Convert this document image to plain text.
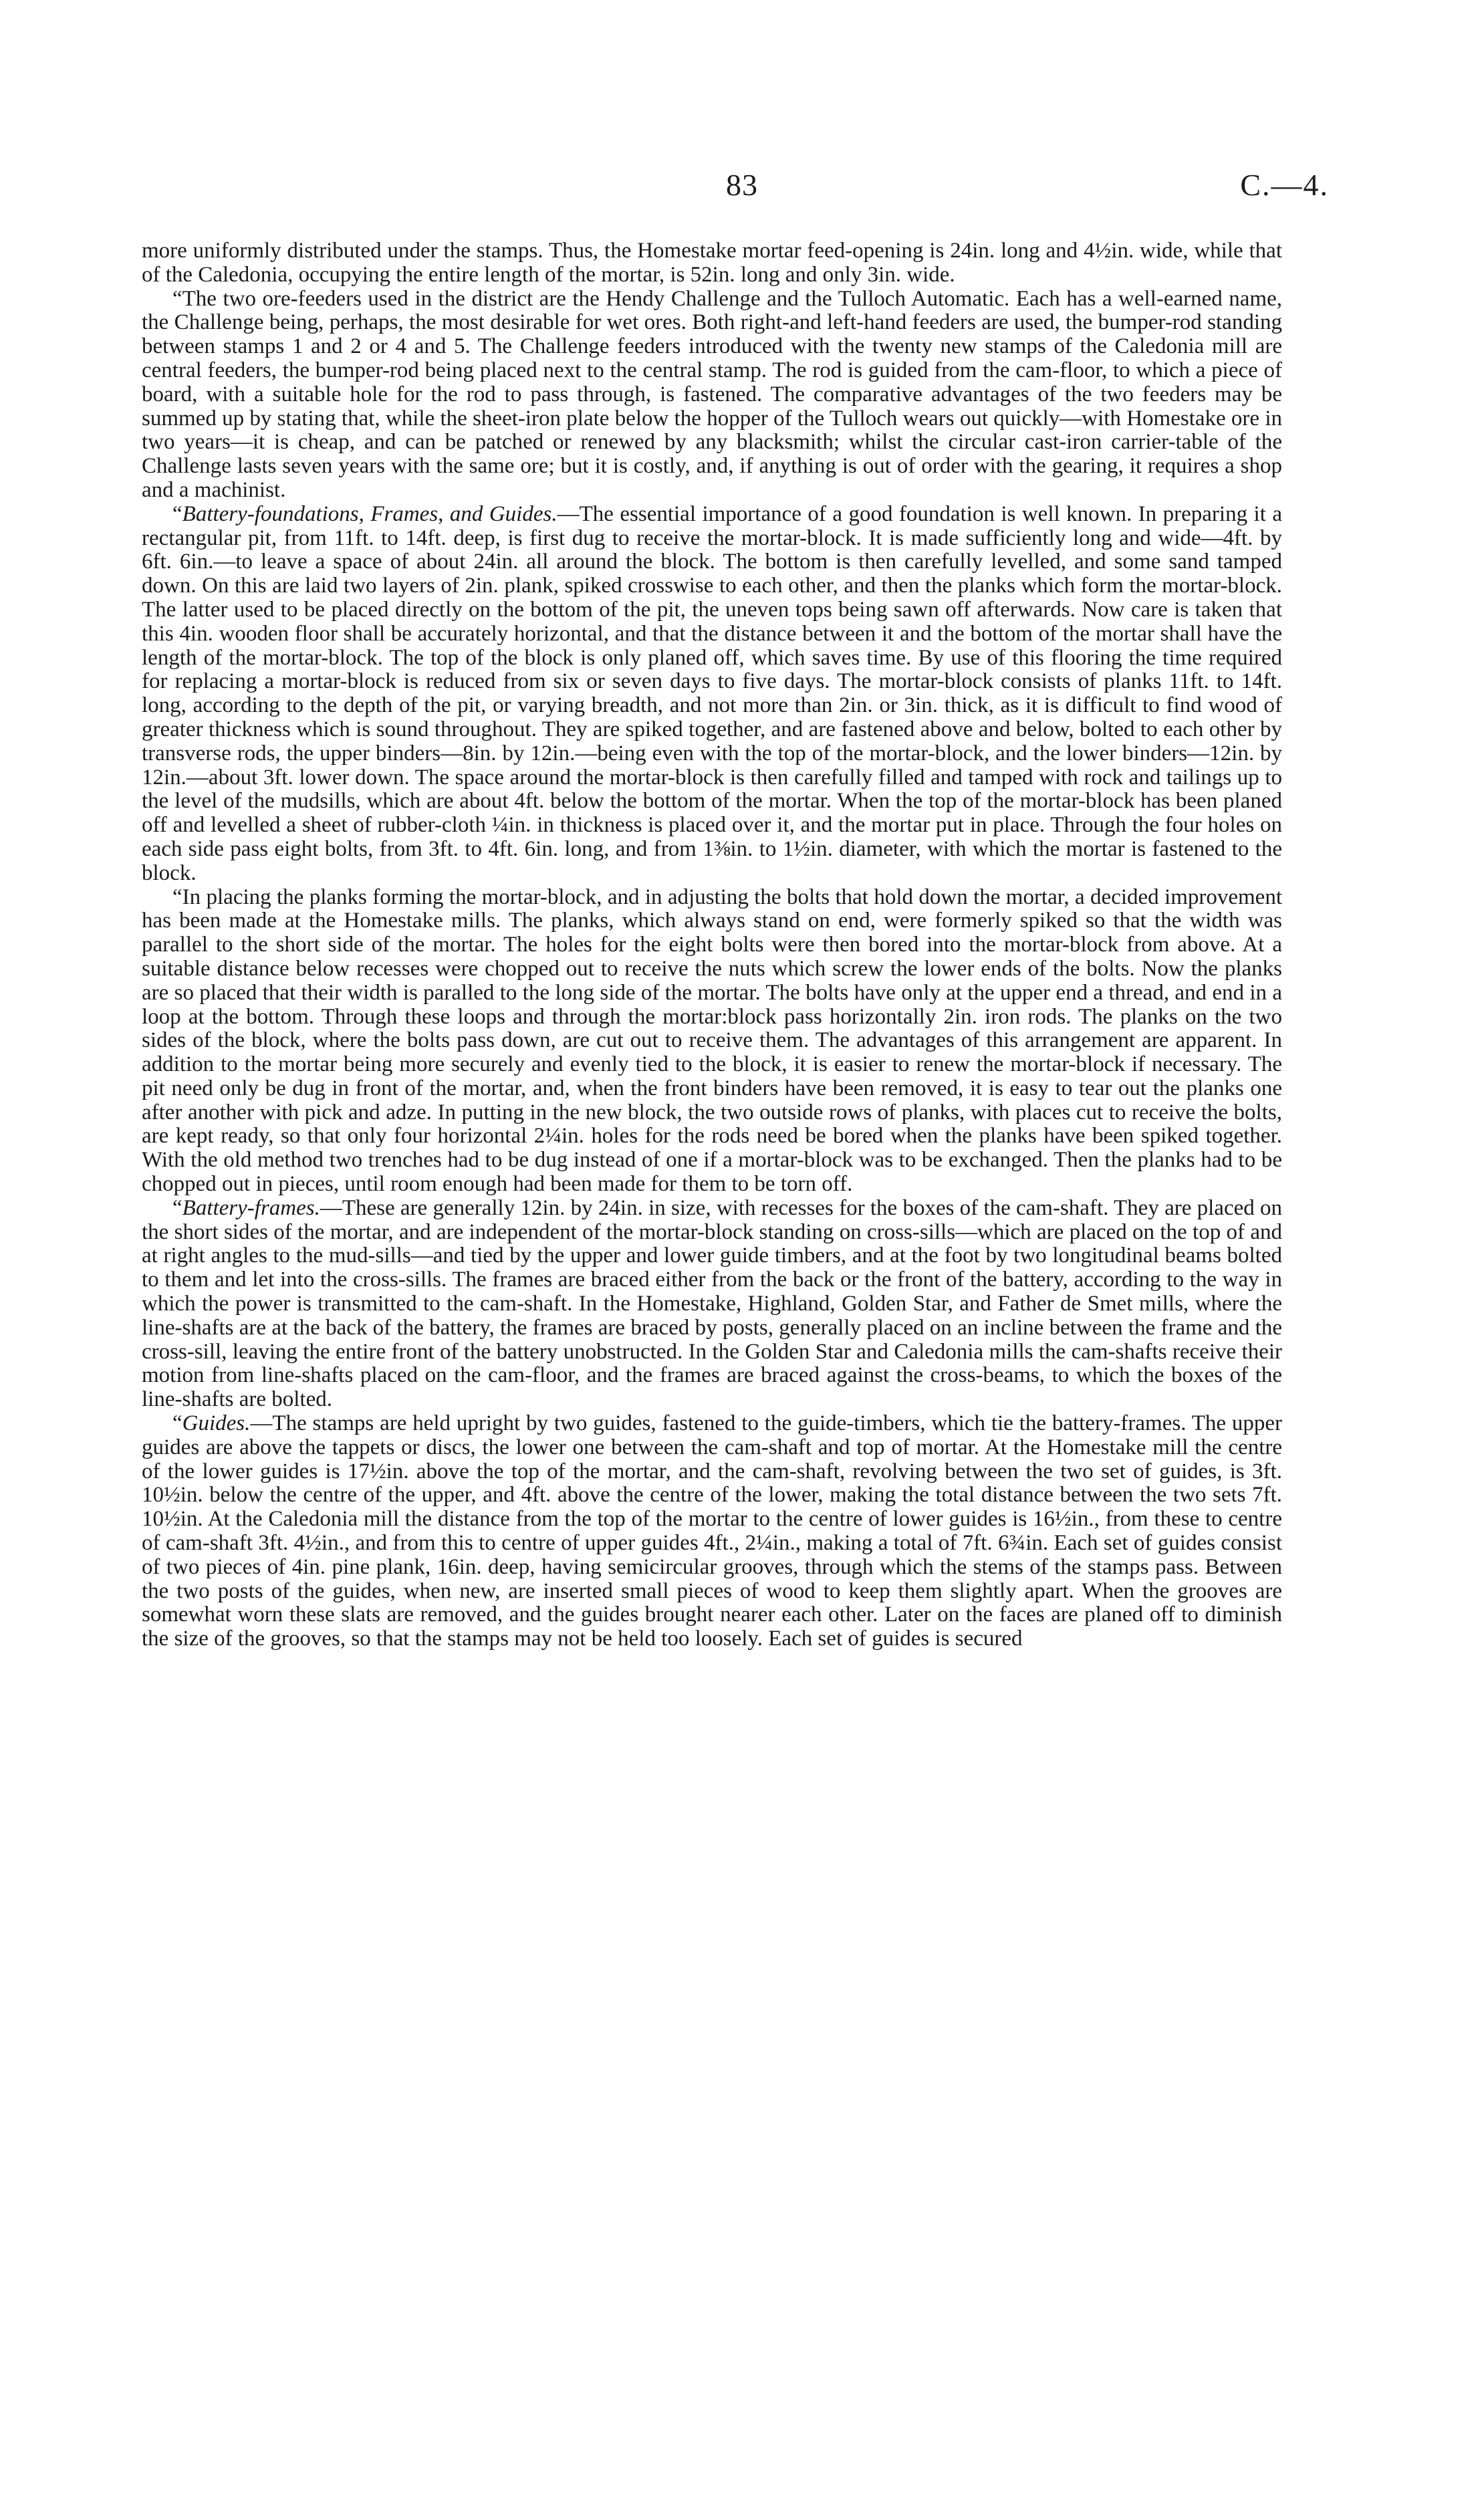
83	C.—4.

more uniformly distributed under the stamps. Thus, the Homestake mortar feed-opening is 24in. long and 4½in. wide, while that of the Caledonia, occupying the entire length of the mortar, is 52in. long and only 3in. wide.

“The two ore-feeders used in the district are the Hendy Challenge and the Tulloch Automatic. Each has a well-earned name, the Challenge being, perhaps, the most desirable for wet ores. Both right-and left-hand feeders are used, the bumper-rod standing between stamps 1 and 2 or 4 and 5. The Challenge feeders introduced with the twenty new stamps of the Caledonia mill are central feeders, the bumper-rod being placed next to the central stamp. The rod is guided from the cam-floor, to which a piece of board, with a suitable hole for the rod to pass through, is fastened. The comparative advantages of the two feeders may be summed up by stating that, while the sheet-iron plate below the hopper of the Tulloch wears out quickly—with Homestake ore in two years—it is cheap, and can be patched or renewed by any blacksmith; whilst the circular cast-iron carrier-table of the Challenge lasts seven years with the same ore; but it is costly, and, if anything is out of order with the gearing, it requires a shop and a machinist.

“Battery-foundations, Frames, and Guides.—The essential importance of a good foundation is well known. In preparing it a rectangular pit, from 11ft. to 14ft. deep, is first dug to receive the mortar-block. It is made sufficiently long and wide—4ft. by 6ft. 6in.—to leave a space of about 24in. all around the block. The bottom is then carefully levelled, and some sand tamped down. On this are laid two layers of 2in. plank, spiked crosswise to each other, and then the planks which form the mortar-block. The latter used to be placed directly on the bottom of the pit, the uneven tops being sawn off afterwards. Now care is taken that this 4in. wooden floor shall be accurately horizontal, and that the distance between it and the bottom of the mortar shall have the length of the mortar-block. The top of the block is only planed off, which saves time. By use of this flooring the time required for replacing a mortar-block is reduced from six or seven days to five days. The mortar-block consists of planks 11ft. to 14ft. long, according to the depth of the pit, or varying breadth, and not more than 2in. or 3in. thick, as it is difficult to find wood of greater thickness which is sound throughout. They are spiked together, and are fastened above and below, bolted to each other by transverse rods, the upper binders—8in. by 12in.—being even with the top of the mortar-block, and the lower binders—12in. by 12in.—about 3ft. lower down. The space around the mortar-block is then carefully filled and tamped with rock and tailings up to the level of the mudsills, which are about 4ft. below the bottom of the mortar. When the top of the mortar-block has been planed off and levelled a sheet of rubber-cloth ¼in. in thickness is placed over it, and the mortar put in place. Through the four holes on each side pass eight bolts, from 3ft. to 4ft. 6in. long, and from 1⅜in. to 1½in. diameter, with which the mortar is fastened to the block.

“In placing the planks forming the mortar-block, and in adjusting the bolts that hold down the mortar, a decided improvement has been made at the Homestake mills. The planks, which always stand on end, were formerly spiked so that the width was parallel to the short side of the mortar. The holes for the eight bolts were then bored into the mortar-block from above. At a suitable distance below recesses were chopped out to receive the nuts which screw the lower ends of the bolts. Now the planks are so placed that their width is paralled to the long side of the mortar. The bolts have only at the upper end a thread, and end in a loop at the bottom. Through these loops and through the mortar:block pass horizontally 2in. iron rods. The planks on the two sides of the block, where the bolts pass down, are cut out to receive them. The advantages of this arrangement are apparent. In addition to the mortar being more securely and evenly tied to the block, it is easier to renew the mortar-block if necessary. The pit need only be dug in front of the mortar, and, when the front binders have been removed, it is easy to tear out the planks one after another with pick and adze. In putting in the new block, the two outside rows of planks, with places cut to receive the bolts, are kept ready, so that only four horizontal 2¼in. holes for the rods need be bored when the planks have been spiked together. With the old method two trenches had to be dug instead of one if a mortar-block was to be exchanged. Then the planks had to be chopped out in pieces, until room enough had been made for them to be torn off.

“Battery-frames.—These are generally 12in. by 24in. in size, with recesses for the boxes of the cam-shaft. They are placed on the short sides of the mortar, and are independent of the mortar-block standing on cross-sills—which are placed on the top of and at right angles to the mud-sills—and tied by the upper and lower guide timbers, and at the foot by two longitudinal beams bolted to them and let into the cross-sills. The frames are braced either from the back or the front of the battery, according to the way in which the power is transmitted to the cam-shaft. In the Homestake, Highland, Golden Star, and Father de Smet mills, where the line-shafts are at the back of the battery, the frames are braced by posts, generally placed on an incline between the frame and the cross-sill, leaving the entire front of the battery unobstructed. In the Golden Star and Caledonia mills the cam-shafts receive their motion from line-shafts placed on the cam-floor, and the frames are braced against the cross-beams, to which the boxes of the line-shafts are bolted.

“Guides.—The stamps are held upright by two guides, fastened to the guide-timbers, which tie the battery-frames. The upper guides are above the tappets or discs, the lower one between the cam-shaft and top of mortar. At the Homestake mill the centre of the lower guides is 17½in. above the top of the mortar, and the cam-shaft, revolving between the two set of guides, is 3ft. 10½in. below the centre of the upper, and 4ft. above the centre of the lower, making the total distance between the two sets 7ft. 10½in. At the Caledonia mill the distance from the top of the mortar to the centre of lower guides is 16½in., from these to centre of cam-shaft 3ft. 4½in., and from this to centre of upper guides 4ft., 2¼in., making a total of 7ft. 6¾in. Each set of guides consist of two pieces of 4in. pine plank, 16in. deep, having semicircular grooves, through which the stems of the stamps pass. Between the two posts of the guides, when new, are inserted small pieces of wood to keep them slightly apart. When the grooves are somewhat worn these slats are removed, and the guides brought nearer each other. Later on the faces are planed off to diminish the size of the grooves, so that the stamps may not be held too loosely. Each set of guides is secured
